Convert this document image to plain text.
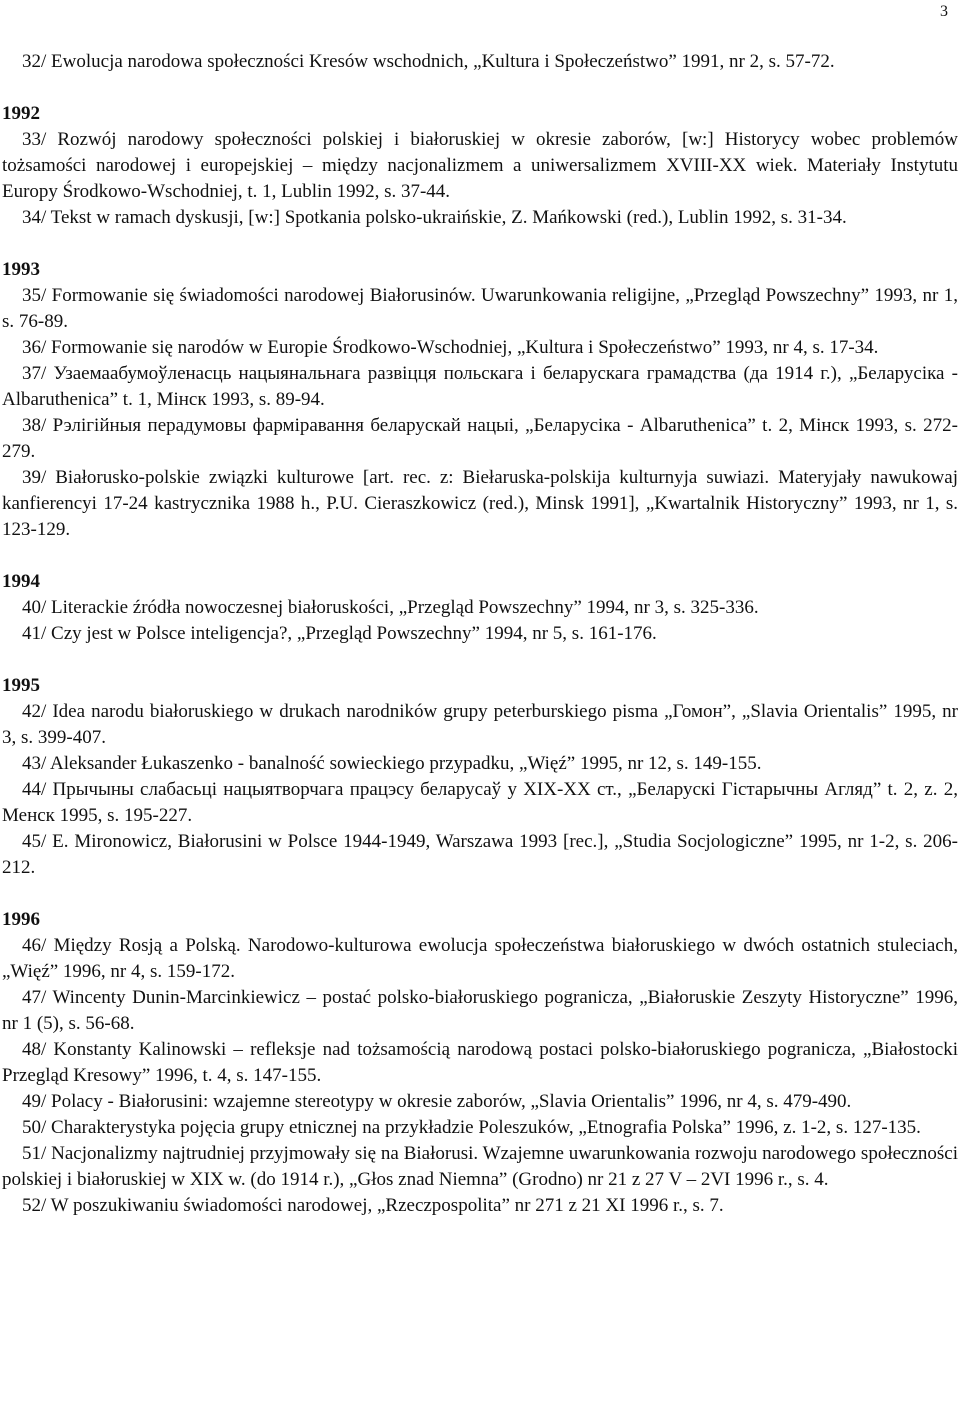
3

32/ Ewolucja narodowa społeczności Kresów wschodnich, „Kultura i Społeczeństwo” 1991, nr 2, s. 57-72.

1992

33/ Rozwój narodowy społeczności polskiej i białoruskiej w okresie zaborów, [w:] Historycy wobec problemów tożsamości narodowej i europejskiej – między nacjonalizmem a uniwersalizmem XVIII-XX wiek. Materiały Instytutu Europy Środkowo-Wschodniej, t. 1, Lublin 1992, s. 37-44.

34/ Tekst w ramach dyskusji, [w:] Spotkania polsko-ukraińskie, Z. Mańkowski (red.), Lublin 1992, s. 31-34.

1993

35/ Formowanie się świadomości narodowej Białorusinów. Uwarunkowania religijne, „Przegląd Powszechny” 1993, nr 1, s. 76-89.

36/ Formowanie się narodów w Europie Środkowo-Wschodniej, „Kultura i Społeczeństwo” 1993, nr 4, s. 17-34.

37/ Узаемаабумоўленасць нацыянальнага развіцця польскага і беларускага грамадства (да 1914 г.), „Беларусіка - Albaruthenica” t. 1, Мінск 1993, s. 89-94.

38/ Рэлігійныя перадумовы фарміравання беларускай нацыі, „Беларусіка - Albaruthenica” t. 2, Мінск 1993, s. 272-279.

39/ Białorusko-polskie związki kulturowe [art. rec. z: Biełaruska-polskija kulturnyja suwiazi. Materyjały nawukowaj kanfierencyi 17-24 kastrycznika 1988 h., P.U. Cieraszkowicz (red.), Minsk 1991], „Kwartalnik Historyczny” 1993, nr 1, s. 123-129.

1994

40/ Literackie źródła nowoczesnej białoruskości, „Przegląd Powszechny” 1994, nr 3, s. 325-336.

41/ Czy jest w Polsce inteligencja?, „Przegląd Powszechny” 1994, nr 5, s. 161-176.

1995

42/ Idea narodu białoruskiego w drukach narodników grupy peterburskiego pisma „Гомон”, „Slavia Orientalis” 1995, nr 3, s. 399-407.

43/ Aleksander Łukaszenko - banalność sowieckiego przypadku, „Więź” 1995, nr 12, s. 149-155.

44/ Прычыны слабасьці нацыятворчага працэсу беларусаў у XIX-XX ст., „Беларускі Гістарычны Агляд” t. 2, z. 2, Менск 1995, s. 195-227.

45/ E. Mironowicz, Białorusini w Polsce 1944-1949, Warszawa 1993 [rec.], „Studia Socjologiczne” 1995, nr 1-2, s. 206-212.

1996

46/ Między Rosją a Polską. Narodowo-kulturowa ewolucja społeczeństwa białoruskiego w dwóch ostatnich stuleciach, „Więź” 1996, nr 4, s. 159-172.

47/ Wincenty Dunin-Marcinkiewicz – postać polsko-białoruskiego pogranicza, „Białoruskie Zeszyty Historyczne” 1996, nr 1 (5), s. 56-68.

48/ Konstanty Kalinowski – refleksje nad tożsamością narodową postaci polsko-białoruskiego pogranicza, „Białostocki Przegląd Kresowy” 1996, t. 4, s. 147-155.

49/ Polacy - Białorusini: wzajemne stereotypy w okresie zaborów, „Slavia Orientalis” 1996, nr 4, s. 479-490.

50/ Charakterystyka pojęcia grupy etnicznej na przykładzie Poleszuków, „Etnografia Polska” 1996, z. 1-2, s. 127-135.

51/ Nacjonalizmy najtrudniej przyjmowały się na Białorusi. Wzajemne uwarunkowania rozwoju narodowego społeczności polskiej i białoruskiej w XIX w. (do 1914 r.), „Głos znad Niemna” (Grodno) nr 21 z 27 V – 2VI 1996 r., s. 4.

52/ W poszukiwaniu świadomości narodowej, „Rzeczpospolita” nr 271 z 21 XI 1996 r., s. 7.
